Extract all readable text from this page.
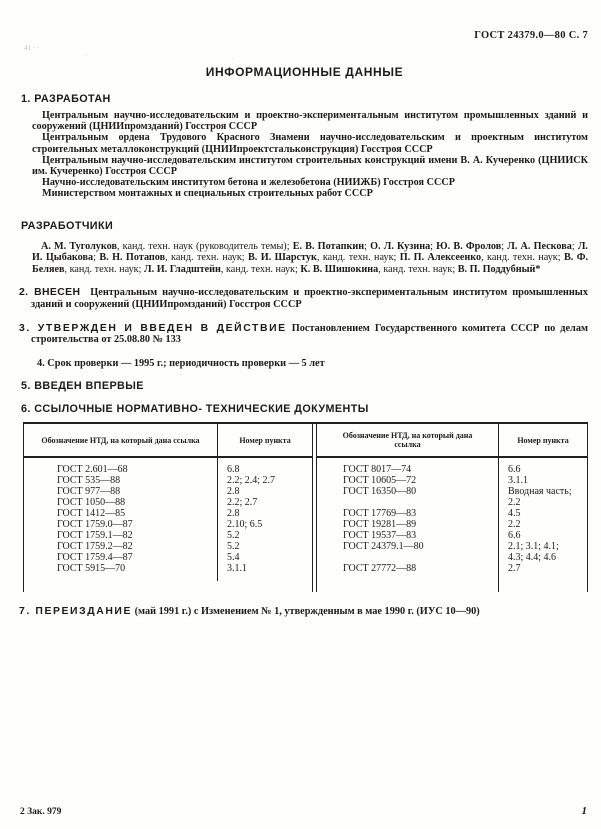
ГОСТ 24379.0—80 С. 7
41 · ·
·	·
ИНФОРМАЦИОННЫЕ ДАННЫЕ

1. РАЗРАБОТАН

Центральным научно-исследовательским и проектно-экспериментальным институтом промышленных зданий и сооружений (ЦНИИпромзданий) Госстроя СССР

Центральным ордена Трудового Красного Знамени научно-исследовательским и проектным институтом строительных металлоконструкций (ЦНИИпроектстальконструкция) Госстроя СССР

Центральным научно-исследовательским институтом строительных конструкций имени В. А. Кучеренко (ЦНИИСК им. Кучеренко) Госстроя СССР

Научно-исследовательским институтом бетона и железобетона (НИИЖБ) Госстроя СССР

Министерством монтажных и специальных строительных работ СССР

РАЗРАБОТЧИКИ

А. М. Туголуков, канд. техн. наук (руководитель темы); Е. В. Потапкин; О. Л. Кузина; Ю. В. Фролов; Л. А. Пескова; Л. И. Цыбакова; В. Н. Потапов, канд. техн. наук; В. И. Шарстук, канд. техн. наук; П. П. Алексеенко, канд. техн. наук; В. Ф. Беляев, канд. техн. наук; Л. И. Гладштейн, канд. техн. наук; К. В. Шишокина, канд. техн. наук; В. П. Поддубный*

2. ВНЕСЕН Центральным научно-исследовательским и проектно-экспериментальным институтом промышленных зданий и сооружений (ЦНИИпромзданий) Госстроя СССР

3. УТВЕРЖДЕН И ВВЕДЕН В ДЕЙСТВИЕ Постановлением Государственного комитета СССР по делам строительства от 25.08.80 № 133

4. Срок проверки — 1995 г.; периодичность проверки — 5 лет

5. ВВЕДЕН ВПЕРВЫЕ

6. ССЫЛОЧНЫЕ НОРМАТИВНО- ТЕХНИЧЕСКИЕ ДОКУМЕНТЫ

Обозначение НТД, на который дана ссылка	Номер пункта
ГОСТ 2.601—68	6.8
ГОСТ 535—88	2.2; 2.4; 2.7
ГОСТ 977—88	2.8
ГОСТ 1050—88	2.2; 2.7
ГОСТ 1412—85	2.8
ГОСТ 1759.0—87	2.10; 6.5
ГОСТ 1759.1—82	5.2
ГОСТ 1759.2—82	5.2
ГОСТ 1759.4—87	5.4
ГОСТ 5915—70	3.1.1
Обозначение НТД, на который дана ссылка	Номер пункта
ГОСТ 8017—74	6.6
ГОСТ 10605—72	3.1.1
ГОСТ 16350—80	Вводная часть; 2.2
ГОСТ 17769—83	4.5
ГОСТ 19281—89	2.2
ГОСТ 19537—83	6.6
ГОСТ 24379.1—80	2.1; 3.1; 4.1; 4.3; 4.4; 4.6
ГОСТ 27772—88	2.7

7. ПЕРЕИЗДАНИЕ (май 1991 г.) с Изменением № 1, утвержденным в мае 1990 г. (ИУС 10—90)

2 Зак. 979	1
